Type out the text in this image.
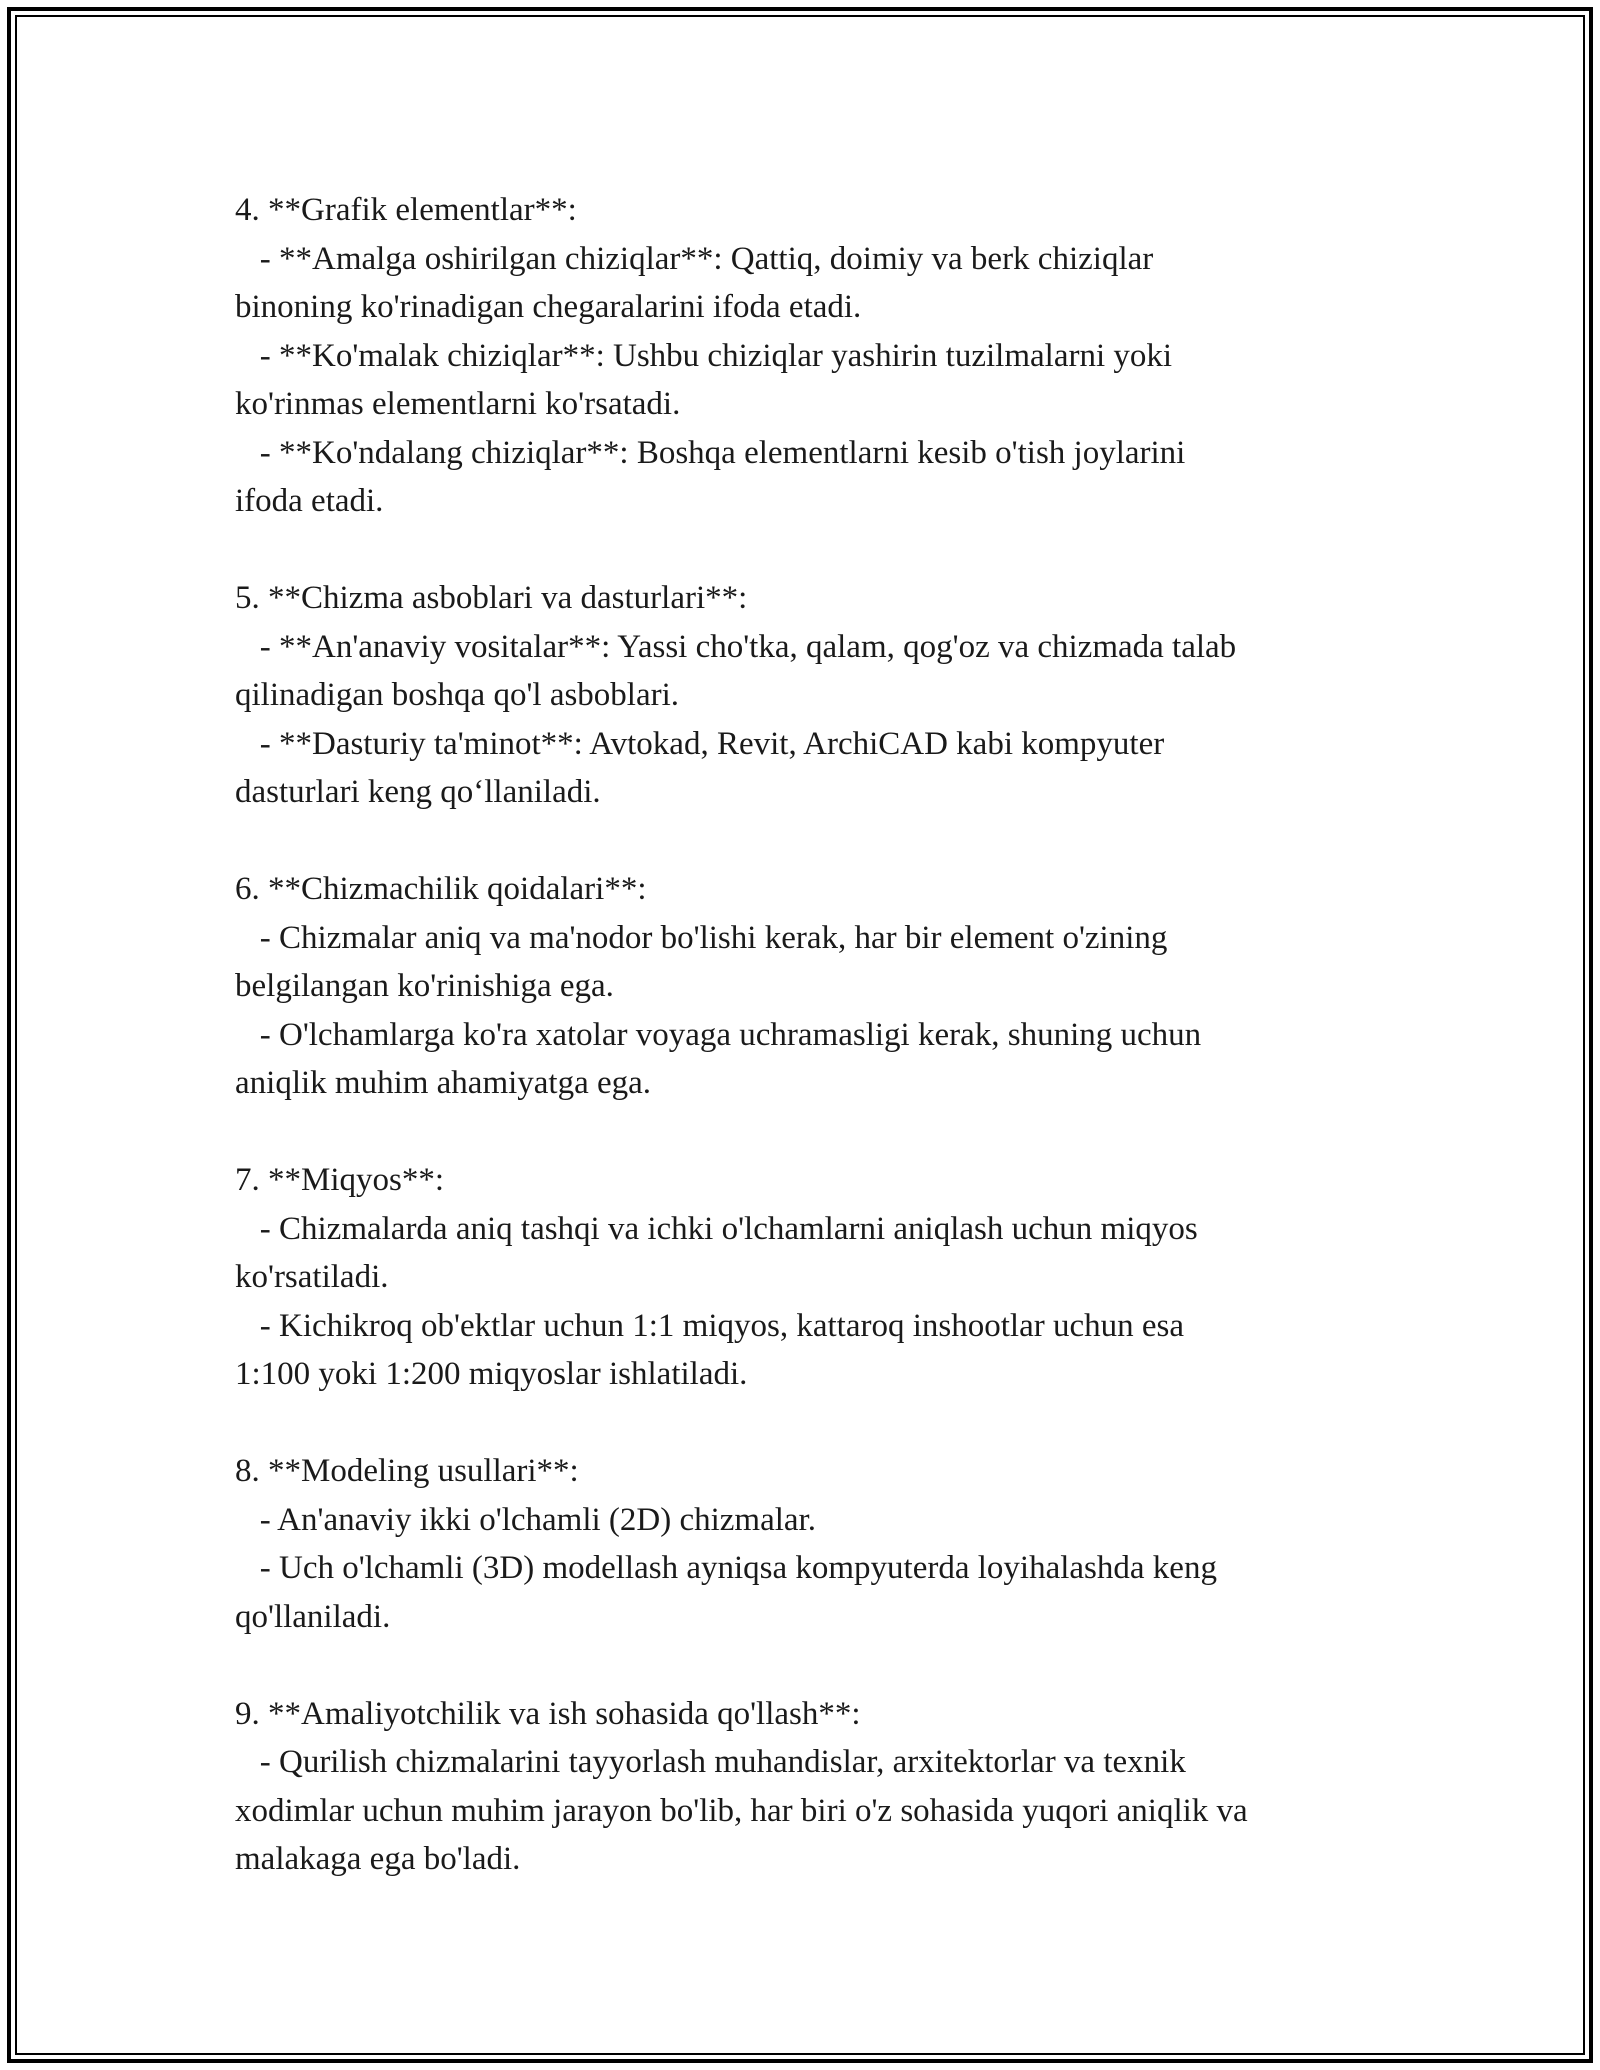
4. **Grafik elementlar**:
- **Amalga oshirilgan chiziqlar**: Qattiq, doimiy va berk chiziqlar
binoning ko'rinadigan chegaralarini ifoda etadi.
- **Ko'malak chiziqlar**: Ushbu chiziqlar yashirin tuzilmalarni yoki
ko'rinmas elementlarni ko'rsatadi.
- **Ko'ndalang chiziqlar**: Boshqa elementlarni kesib o'tish joylarini
ifoda etadi.
5. **Chizma asboblari va dasturlari**:
- **An'anaviy vositalar**: Yassi cho'tka, qalam, qog'oz va chizmada talab
qilinadigan boshqa qo'l asboblari.
- **Dasturiy ta'minot**: Avtokad, Revit, ArchiCAD kabi kompyuter
dasturlari keng qo‘llaniladi.
6. **Chizmachilik qoidalari**:
- Chizmalar aniq va ma'nodor bo'lishi kerak, har bir element o'zining
belgilangan ko'rinishiga ega.
- O'lchamlarga ko'ra xatolar voyaga uchramasligi kerak, shuning uchun
aniqlik muhim ahamiyatga ega.
7. **Miqyos**:
- Chizmalarda aniq tashqi va ichki o'lchamlarni aniqlash uchun miqyos
ko'rsatiladi.
- Kichikroq ob'ektlar uchun 1:1 miqyos, kattaroq inshootlar uchun esa
1:100 yoki 1:200 miqyoslar ishlatiladi.
8. **Modeling usullari**:
- An'anaviy ikki o'lchamli (2D) chizmalar.
- Uch o'lchamli (3D) modellash ayniqsa kompyuterda loyihalashda keng
qo'llaniladi.
9. **Amaliyotchilik va ish sohasida qo'llash**:
- Qurilish chizmalarini tayyorlash muhandislar, arxitektorlar va texnik
xodimlar uchun muhim jarayon bo'lib, har biri o'z sohasida yuqori aniqlik va
malakaga ega bo'ladi.
